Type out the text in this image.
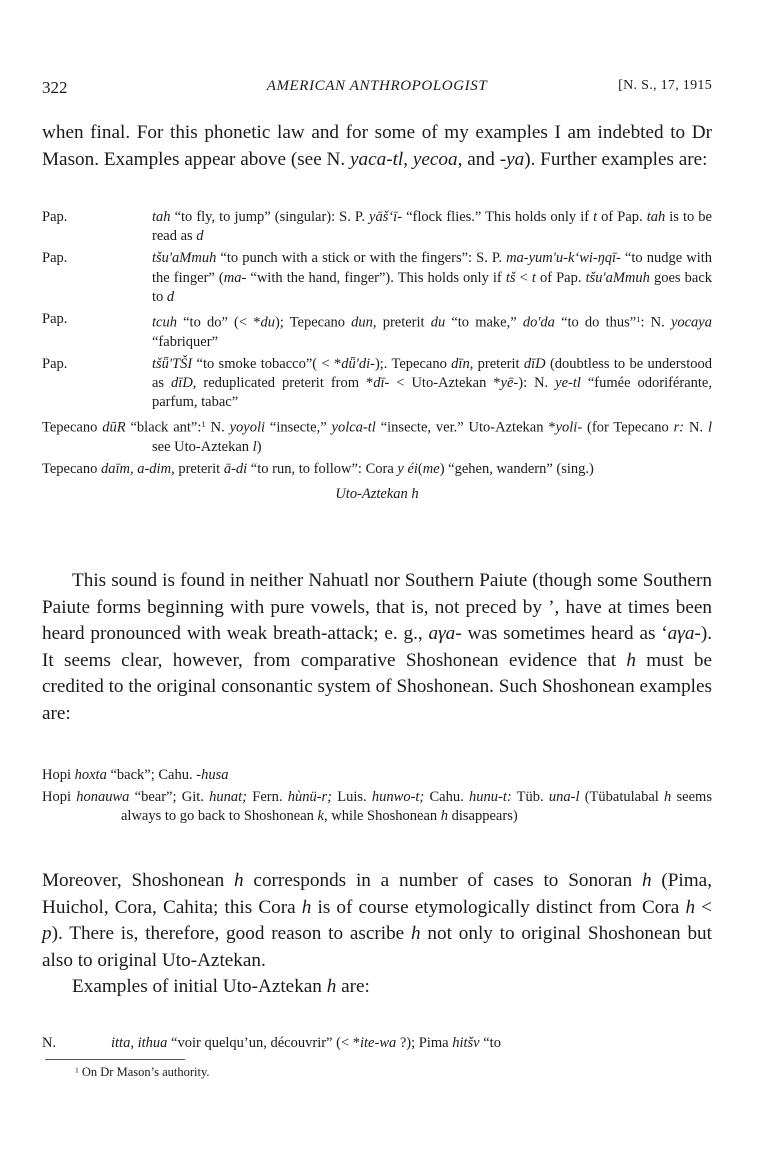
322	AMERICAN ANTHROPOLOGIST	[N. S., 17, 1915

when final. For this phonetic law and for some of my examples I am indebted to Dr Mason. Examples appear above (see N. yaca-tl, yecoa, and -ya). Further examples are:

Pap.	tah “to fly, to jump” (singular): S. P. yāšʻī- “flock flies.” This holds only if t of Pap. tah is to be read as d
Pap.	tšu'aMmuh “to punch with a stick or with the fingers”: S. P. ma-yum'u-kʻwi-ŋqī- “to nudge with the finger” (ma- “with the hand, finger”). This holds only if tš < t of Pap. tšu'aMmuh goes back to d
Pap.	tcuh “to do” (< *du); Tepecano dun, preterit du “to make,” do'da “to do thus”$^1$: N. yocaya “fabriquer”
Pap.	tšǖ'TŠI “to smoke tobacco”( < *dǖ'di-);. Tepecano dīn, preterit dīD (doubtless to be understood as dīD, reduplicated preterit from *dī- < Uto-Aztekan *yē-): N. ye-tl “fumée odoriférante, parfum, tabac”
Tepecano dūR “black ant”:$^1$ N. yoyoli “insecte,” yolca-tl “insecte, ver.” Uto-Aztekan *yoli- (for Tepecano r: N. l see Uto-Aztekan l)
Tepecano daīm, a-dim, preterit ā-di “to run, to follow”: Cora y éi(me) “gehen, wandern” (sing.)
Uto-Aztekan h

This sound is found in neither Nahuatl nor Southern Paiute (though some Southern Paiute forms beginning with pure vowels, that is, not preced by ’, have at times been heard pronounced with weak breath-attack; e. g., aγa- was sometimes heard as ʻaγa-). It seems clear, however, from comparative Shoshonean evidence that h must be credited to the original consonantic system of Shoshonean. Such Shoshonean examples are:

Hopi hoxta “back”; Cahu. -husa
Hopi honauwa “bear”; Git. hunat; Fern. hùnü-r; Luis. hunwo-t; Cahu. hunu-t: Tüb. una-l (Tübatulabal h seems always to go back to Shoshonean k, while Shoshonean h disappears)

Moreover, Shoshonean h corresponds in a number of cases to Sonoran h (Pima, Huichol, Cora, Cahita; this Cora h is of course etymologically distinct from Cora h < p). There is, therefore, good reason to ascribe h not only to original Shoshonean but also to original Uto-Aztekan.

Examples of initial Uto-Aztekan h are:

N.	itta, ithua “voir quelqu’un, découvrir” (< *ite-wa ?); Pima hitšv “to
$^1$ On Dr Mason’s authority.
